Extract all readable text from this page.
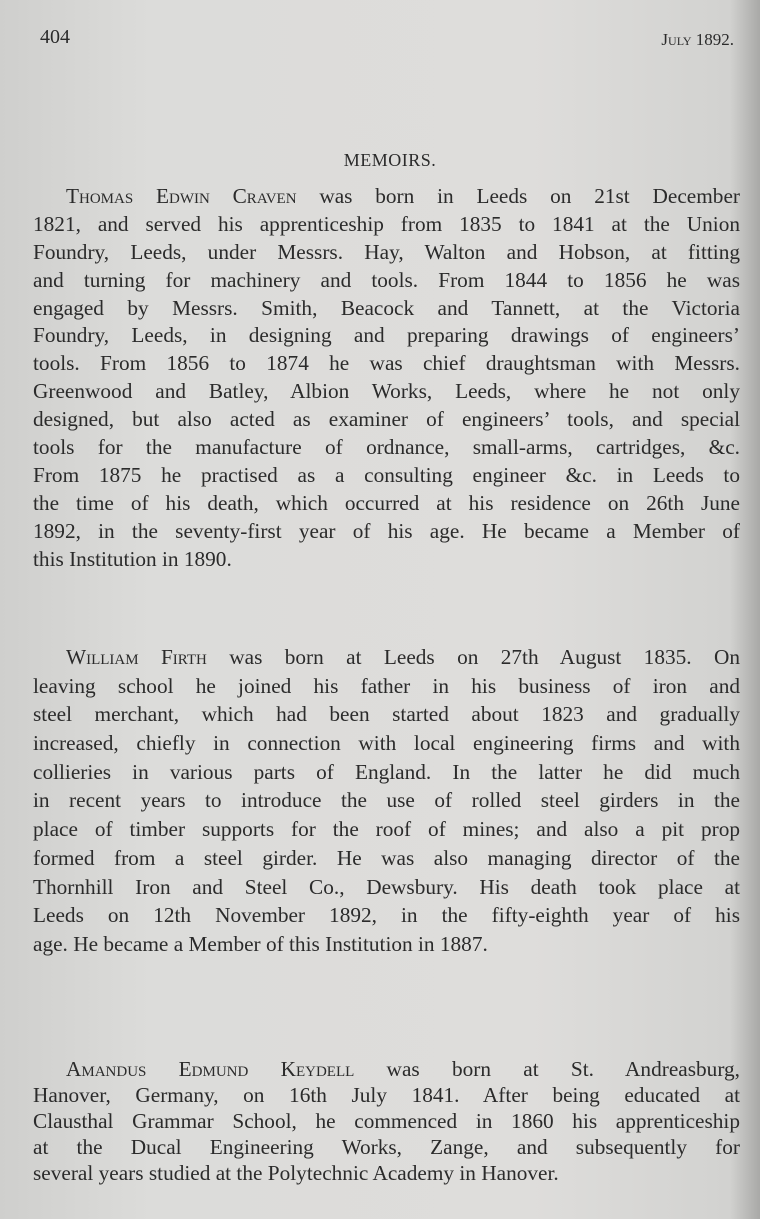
404	July 1892.
MEMOIRS.
Thomas Edwin Craven was born in Leeds on 21st December
1821, and served his apprenticeship from 1835 to 1841 at the Union
Foundry, Leeds, under Messrs. Hay, Walton and Hobson, at fitting
and turning for machinery and tools. From 1844 to 1856 he was
engaged by Messrs. Smith, Beacock and Tannett, at the Victoria
Foundry, Leeds, in designing and preparing drawings of engineers’
tools. From 1856 to 1874 he was chief draughtsman with Messrs.
Greenwood and Batley, Albion Works, Leeds, where he not only
designed, but also acted as examiner of engineers’ tools, and special
tools for the manufacture of ordnance, small-arms, cartridges, &c.
From 1875 he practised as a consulting engineer &c. in Leeds to
the time of his death, which occurred at his residence on 26th June
1892, in the seventy-first year of his age. He became a Member of
this Institution in 1890.
William Firth was born at Leeds on 27th August 1835. On
leaving school he joined his father in his business of iron and
steel merchant, which had been started about 1823 and gradually
increased, chiefly in connection with local engineering firms and with
collieries in various parts of England. In the latter he did much
in recent years to introduce the use of rolled steel girders in the
place of timber supports for the roof of mines; and also a pit prop
formed from a steel girder. He was also managing director of the
Thornhill Iron and Steel Co., Dewsbury. His death took place at
Leeds on 12th November 1892, in the fifty-eighth year of his
age. He became a Member of this Institution in 1887.
Amandus Edmund Keydell was born at St. Andreasburg,
Hanover, Germany, on 16th July 1841. After being educated at
Clausthal Grammar School, he commenced in 1860 his apprenticeship
at the Ducal Engineering Works, Zange, and subsequently for
several years studied at the Polytechnic Academy in Hanover.
